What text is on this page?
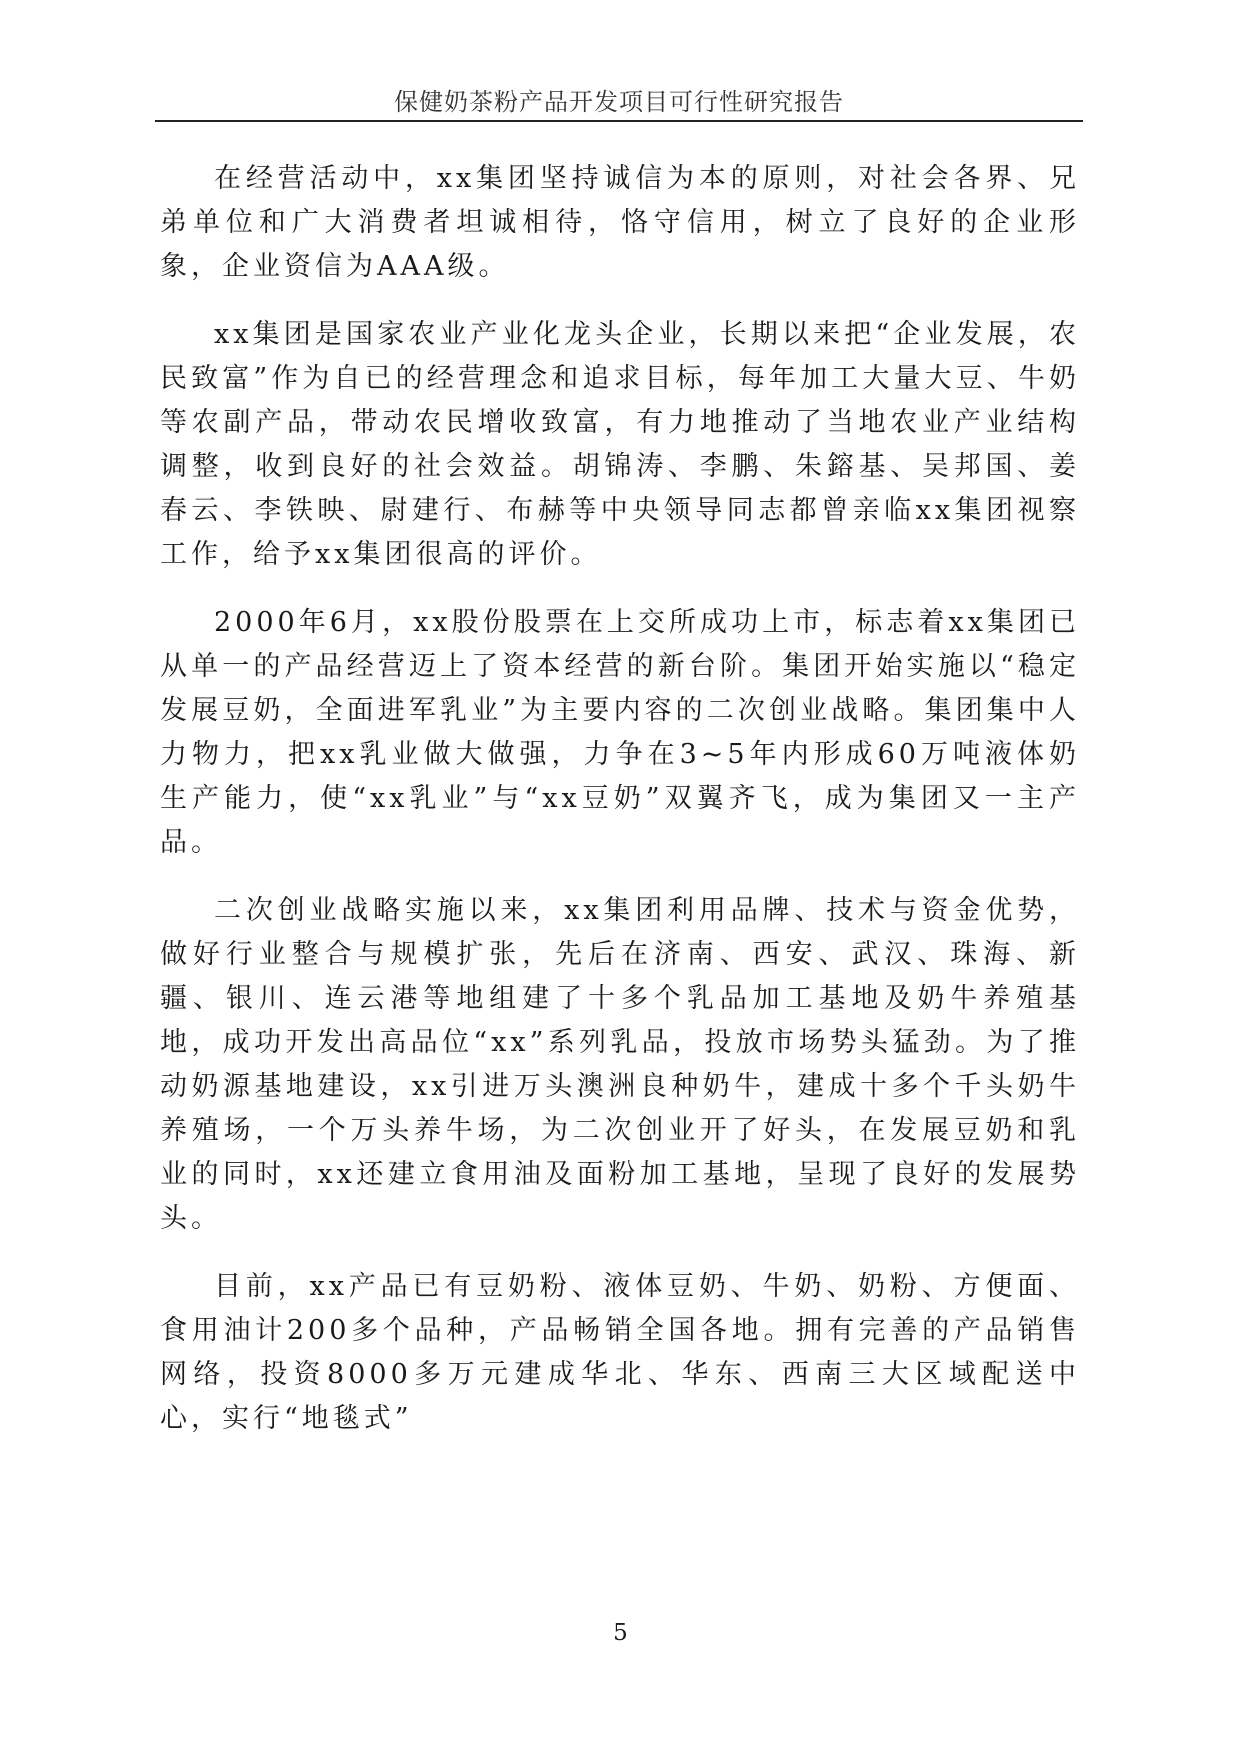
保健奶茶粉产品开发项目可行性研究报告

在经营活动中，xx集团坚持诚信为本的原则，对社会各界、兄弟单位和广大消费者坦诚相待，恪守信用，树立了良好的企业形象，企业资信为AAA级。

xx集团是国家农业产业化龙头企业，长期以来把“企业发展，农民致富”作为自已的经营理念和追求目标，每年加工大量大豆、牛奶等农副产品，带动农民增收致富，有力地推动了当地农业产业结构调整，收到良好的社会效益。胡锦涛、李鹏、朱鎔基、吴邦国、姜春云、李铁映、尉建行、布赫等中央领导同志都曾亲临xx集团视察工作，给予xx集团很高的评价。

2000年6月，xx股份股票在上交所成功上市，标志着xx集团已从单一的产品经营迈上了资本经营的新台阶。集团开始实施以“稳定发展豆奶，全面进军乳业”为主要内容的二次创业战略。集团集中人力物力，把xx乳业做大做强，力争在3~5年内形成60万吨液体奶生产能力，使“xx乳业”与“xx豆奶”双翼齐飞，成为集团又一主产品。

二次创业战略实施以来，xx集团利用品牌、技术与资金优势，做好行业整合与规模扩张，先后在济南、西安、武汉、珠海、新疆、银川、连云港等地组建了十多个乳品加工基地及奶牛养殖基地，成功开发出高品位“xx”系列乳品，投放市场势头猛劲。为了推动奶源基地建设，xx引进万头澳洲良种奶牛，建成十多个千头奶牛养殖场，一个万头养牛场，为二次创业开了好头，在发展豆奶和乳业的同时，xx还建立食用油及面粉加工基地，呈现了良好的发展势头。

目前，xx产品已有豆奶粉、液体豆奶、牛奶、奶粉、方便面、食用油计200多个品种，产品畅销全国各地。拥有完善的产品销售网络，投资8000多万元建成华北、华东、西南三大区域配送中心，实行“地毯式”

5
